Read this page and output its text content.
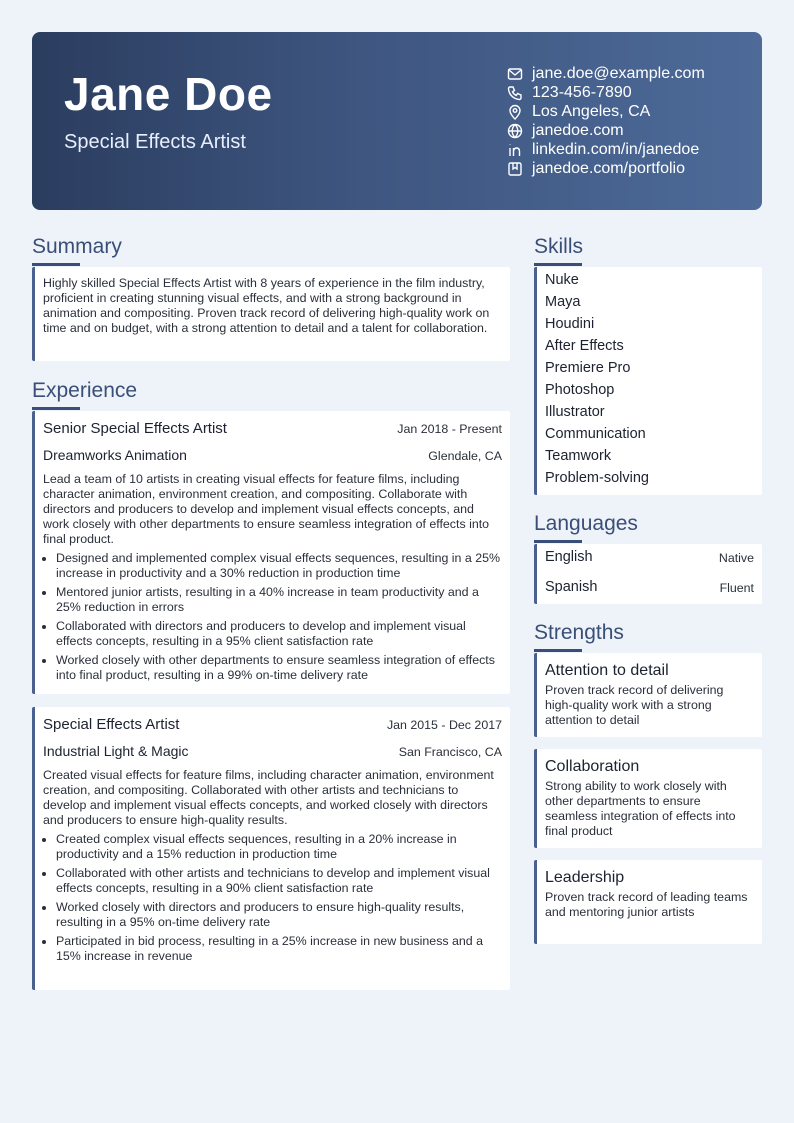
Jane Doe
Special Effects Artist
jane.doe@example.com
123-456-7890
Los Angeles, CA
janedoe.com
linkedin.com/in/janedoe
janedoe.com/portfolio
Summary
Highly skilled Special Effects Artist with 8 years of experience in the film industry, proficient in creating stunning visual effects, and with a strong background in animation and compositing. Proven track record of delivering high-quality work on time and on budget, with a strong attention to detail and a talent for collaboration.
Experience
Senior Special Effects Artist	Jan 2018 - Present
Dreamworks Animation	Glendale, CA
Lead a team of 10 artists in creating visual effects for feature films, including character animation, environment creation, and compositing. Collaborate with directors and producers to develop and implement visual effects concepts, and work closely with other departments to ensure seamless integration of effects into final product.
• Designed and implemented complex visual effects sequences, resulting in a 25% increase in productivity and a 30% reduction in production time
• Mentored junior artists, resulting in a 40% increase in team productivity and a 25% reduction in errors
• Collaborated with directors and producers to develop and implement visual effects concepts, resulting in a 95% client satisfaction rate
• Worked closely with other departments to ensure seamless integration of effects into final product, resulting in a 99% on-time delivery rate
Special Effects Artist	Jan 2015 - Dec 2017
Industrial Light & Magic	San Francisco, CA
Created visual effects for feature films, including character animation, environment creation, and compositing. Collaborated with other artists and technicians to develop and implement visual effects concepts, and worked closely with directors and producers to ensure high-quality results.
• Created complex visual effects sequences, resulting in a 20% increase in productivity and a 15% reduction in production time
• Collaborated with other artists and technicians to develop and implement visual effects concepts, resulting in a 90% client satisfaction rate
• Worked closely with directors and producers to ensure high-quality results, resulting in a 95% on-time delivery rate
• Participated in bid process, resulting in a 25% increase in new business and a 15% increase in revenue
Skills
Nuke
Maya
Houdini
After Effects
Premiere Pro
Photoshop
Illustrator
Communication
Teamwork
Problem-solving
Languages
English	Native
Spanish	Fluent
Strengths
Attention to detail
Proven track record of delivering high-quality work with a strong attention to detail
Collaboration
Strong ability to work closely with other departments to ensure seamless integration of effects into final product
Leadership
Proven track record of leading teams and mentoring junior artists
